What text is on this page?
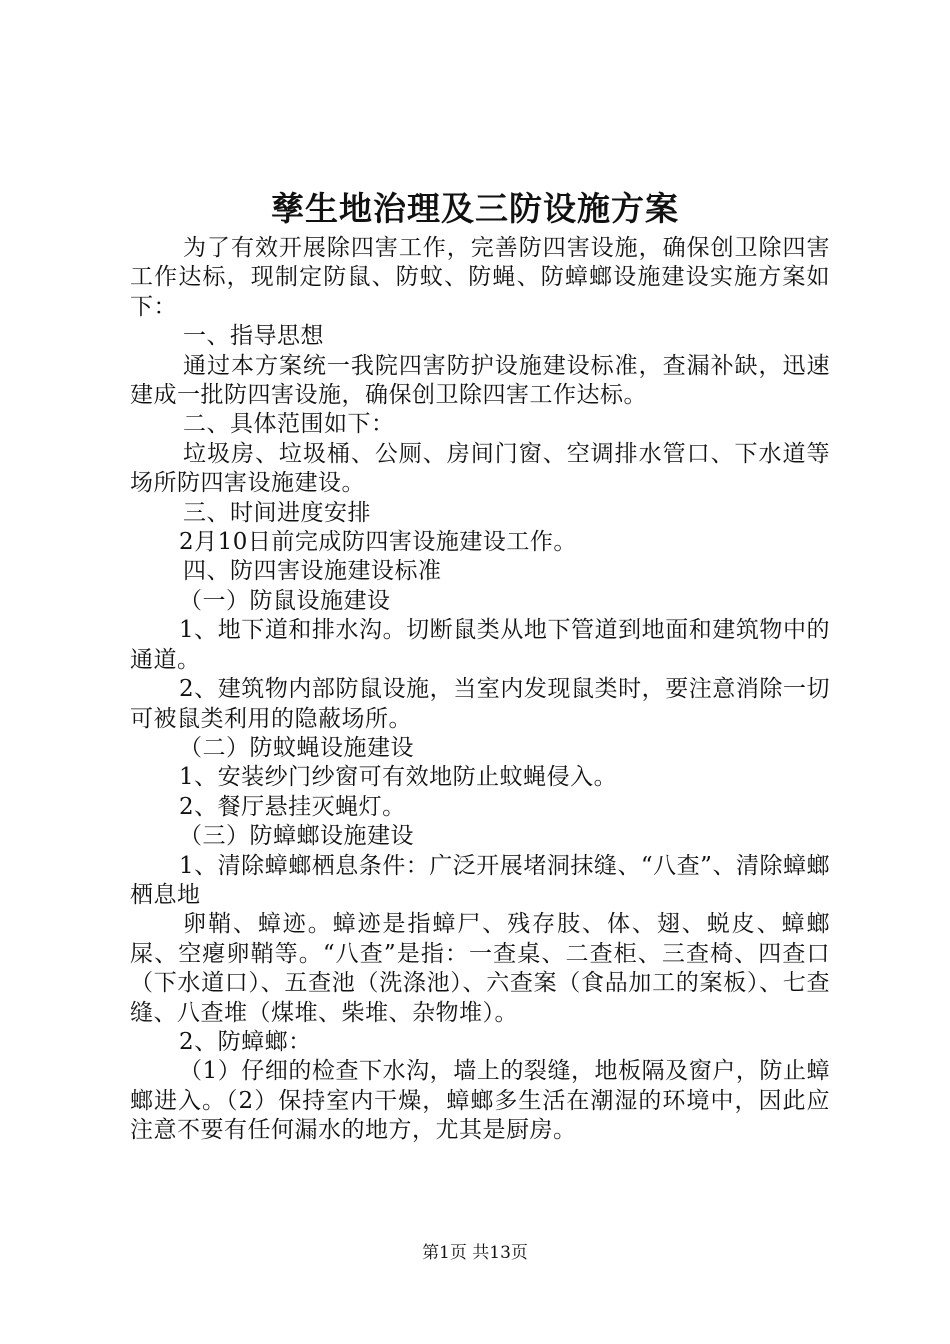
孳生地治理及三防设施方案

为了有效开展除四害工作，完善防四害设施，确保创卫除四害工作达标，现制定防鼠、防蚊、防蝇、防蟑螂设施建设实施方案如下：

一、指导思想

通过本方案统一我院四害防护设施建设标准，查漏补缺，迅速建成一批防四害设施，确保创卫除四害工作达标。

二、具体范围如下：

垃圾房、垃圾桶、公厕、房间门窗、空调排水管口、下水道等场所防四害设施建设。

三、时间进度安排

2月10日前完成防四害设施建设工作。

四、防四害设施建设标准

（一）防鼠设施建设

1、地下道和排水沟。切断鼠类从地下管道到地面和建筑物中的通道。

2、建筑物内部防鼠设施，当室内发现鼠类时，要注意消除一切可被鼠类利用的隐蔽场所。

（二）防蚊蝇设施建设

1、安装纱门纱窗可有效地防止蚊蝇侵入。

2、餐厅悬挂灭蝇灯。

（三）防蟑螂设施建设

1、清除蟑螂栖息条件：广泛开展堵洞抹缝、“八查”、清除蟑螂栖息地

卵鞘、蟑迹。蟑迹是指蟑尸、残存肢、体、翅、蜕皮、蟑螂屎、空瘪卵鞘等。“八查”是指：一查桌、二查柜、三查椅、四查口（下水道口）、五查池（洗涤池）、六查案（食品加工的案板）、七查缝、八查堆（煤堆、柴堆、杂物堆）。

2、防蟑螂：

（1）仔细的检查下水沟，墙上的裂缝，地板隔及窗户，防止蟑螂进入。（2）保持室内干燥，蟑螂多生活在潮湿的环境中，因此应注意不要有任何漏水的地方，尤其是厨房。

第1页 共13页
